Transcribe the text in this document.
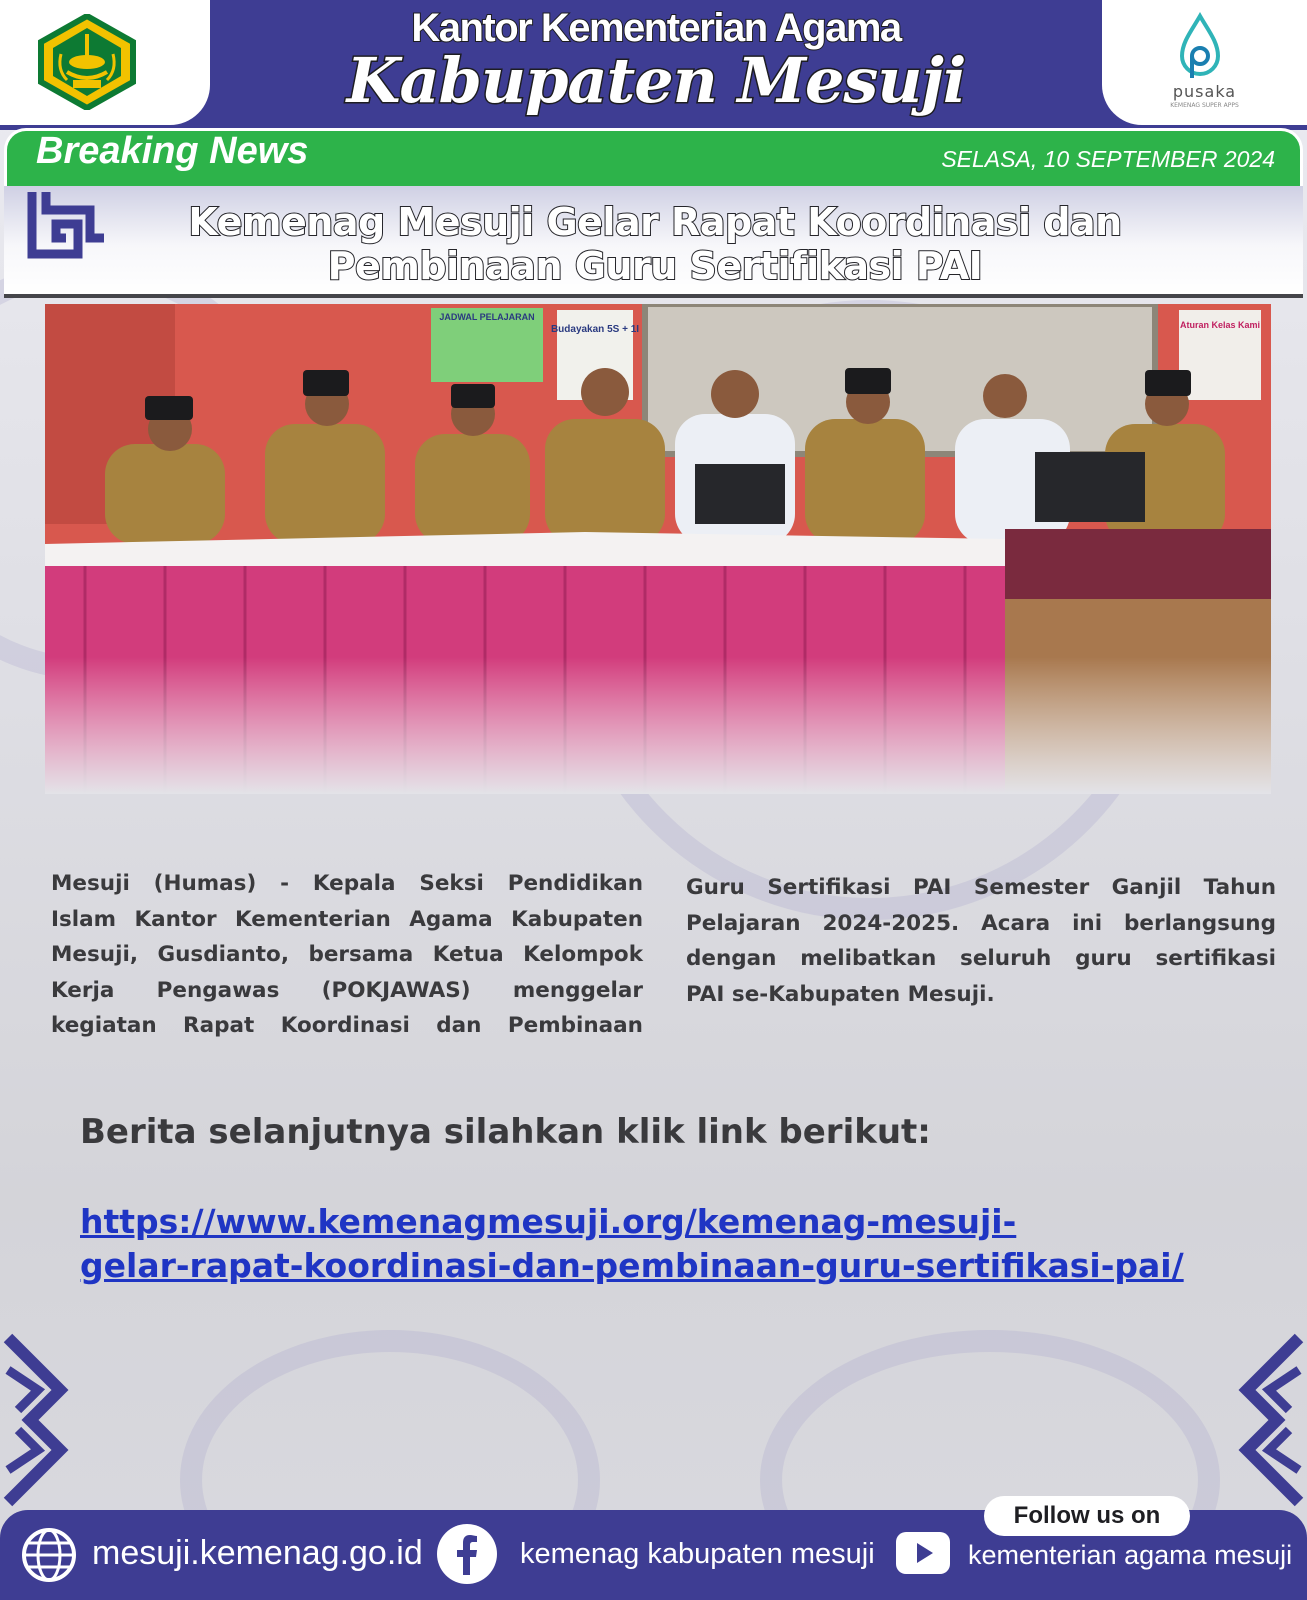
pusaka
KEMENAG SUPER APPS
Kantor Kementerian Agama
Kabupaten Mesuji
Breaking News	SELASA, 10 SEPTEMBER 2024
Kemenag Mesuji Gelar Rapat Koordinasi dan
Pembinaan Guru Sertifikasi PAI
Mesuji (Humas) - Kepala Seksi Pendidikan
Islam Kantor Kementerian Agama Kabupaten
Mesuji, Gusdianto, bersama Ketua Kelompok
Kerja Pengawas (POKJAWAS) menggelar
kegiatan Rapat Koordinasi dan Pembinaan
Guru Sertifikasi PAI Semester Ganjil Tahun
Pelajaran 2024-2025. Acara ini berlangsung
dengan melibatkan seluruh guru sertifikasi
PAI se-Kabupaten Mesuji.
Berita selanjutnya silahkan klik link berikut:
https://www.kemenagmesuji.org/kemenag-mesuji-
gelar-rapat-koordinasi-dan-pembinaan-guru-sertifikasi-pai/
Follow us on
mesuji.kemenag.go.id	kemenag kabupaten mesuji	kementerian agama mesuji
